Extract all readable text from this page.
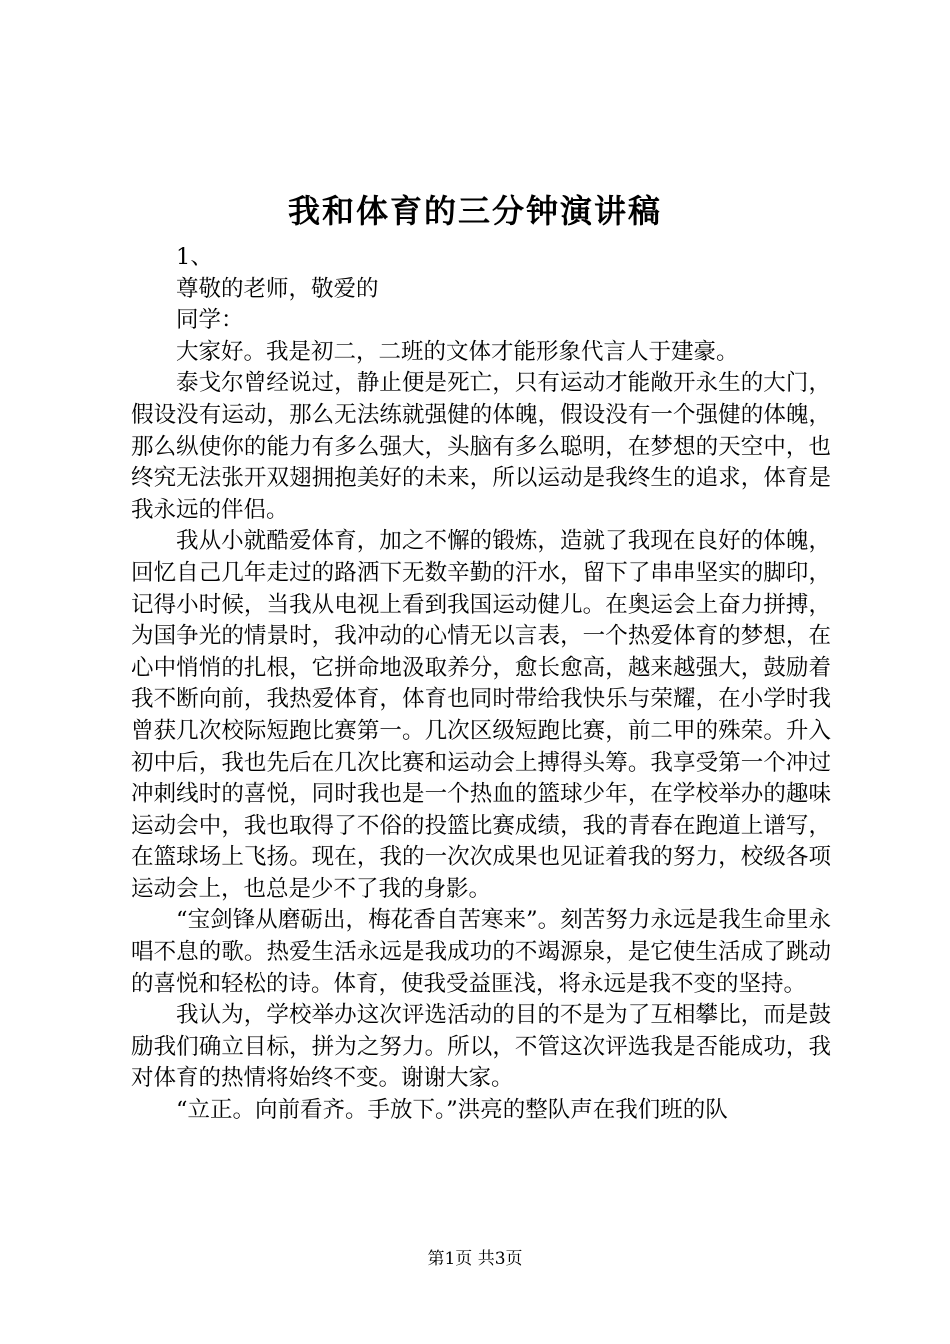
我和体育的三分钟演讲稿

1、

尊敬的老师，敬爱的

同学：

大家好。我是初二，二班的文体才能形象代言人于建豪。

泰戈尔曾经说过，静止便是死亡，只有运动才能敞开永生的大门，假设没有运动，那么无法练就强健的体魄，假设没有一个强健的体魄，那么纵使你的能力有多么强大，头脑有多么聪明，在梦想的天空中，也终究无法张开双翅拥抱美好的未来，所以运动是我终生的追求，体育是我永远的伴侣。

我从小就酷爱体育，加之不懈的锻炼，造就了我现在良好的体魄，回忆自己几年走过的路洒下无数辛勤的汗水，留下了串串坚实的脚印，记得小时候，当我从电视上看到我国运动健儿。在奥运会上奋力拼搏，为国争光的情景时，我冲动的心情无以言表，一个热爱体育的梦想，在心中悄悄的扎根，它拼命地汲取养分，愈长愈高，越来越强大，鼓励着我不断向前，我热爱体育，体育也同时带给我快乐与荣耀，在小学时我曾获几次校际短跑比赛第一。几次区级短跑比赛，前二甲的殊荣。升入初中后，我也先后在几次比赛和运动会上搏得头筹。我享受第一个冲过冲刺线时的喜悦，同时我也是一个热血的篮球少年，在学校举办的趣味运动会中，我也取得了不俗的投篮比赛成绩，我的青春在跑道上谱写，在篮球场上飞扬。现在，我的一次次成果也见证着我的努力，校级各项运动会上，也总是少不了我的身影。

“宝剑锋从磨砺出，梅花香自苦寒来”。刻苦努力永远是我生命里永唱不息的歌。热爱生活永远是我成功的不竭源泉，是它使生活成了跳动的喜悦和轻松的诗。体育，使我受益匪浅，将永远是我不变的坚持。

我认为，学校举办这次评选活动的目的不是为了互相攀比，而是鼓励我们确立目标，拼为之努力。所以，不管这次评选我是否能成功，我对体育的热情将始终不变。谢谢大家。

“立正。向前看齐。手放下。”洪亮的整队声在我们班的队

第1页 共3页
